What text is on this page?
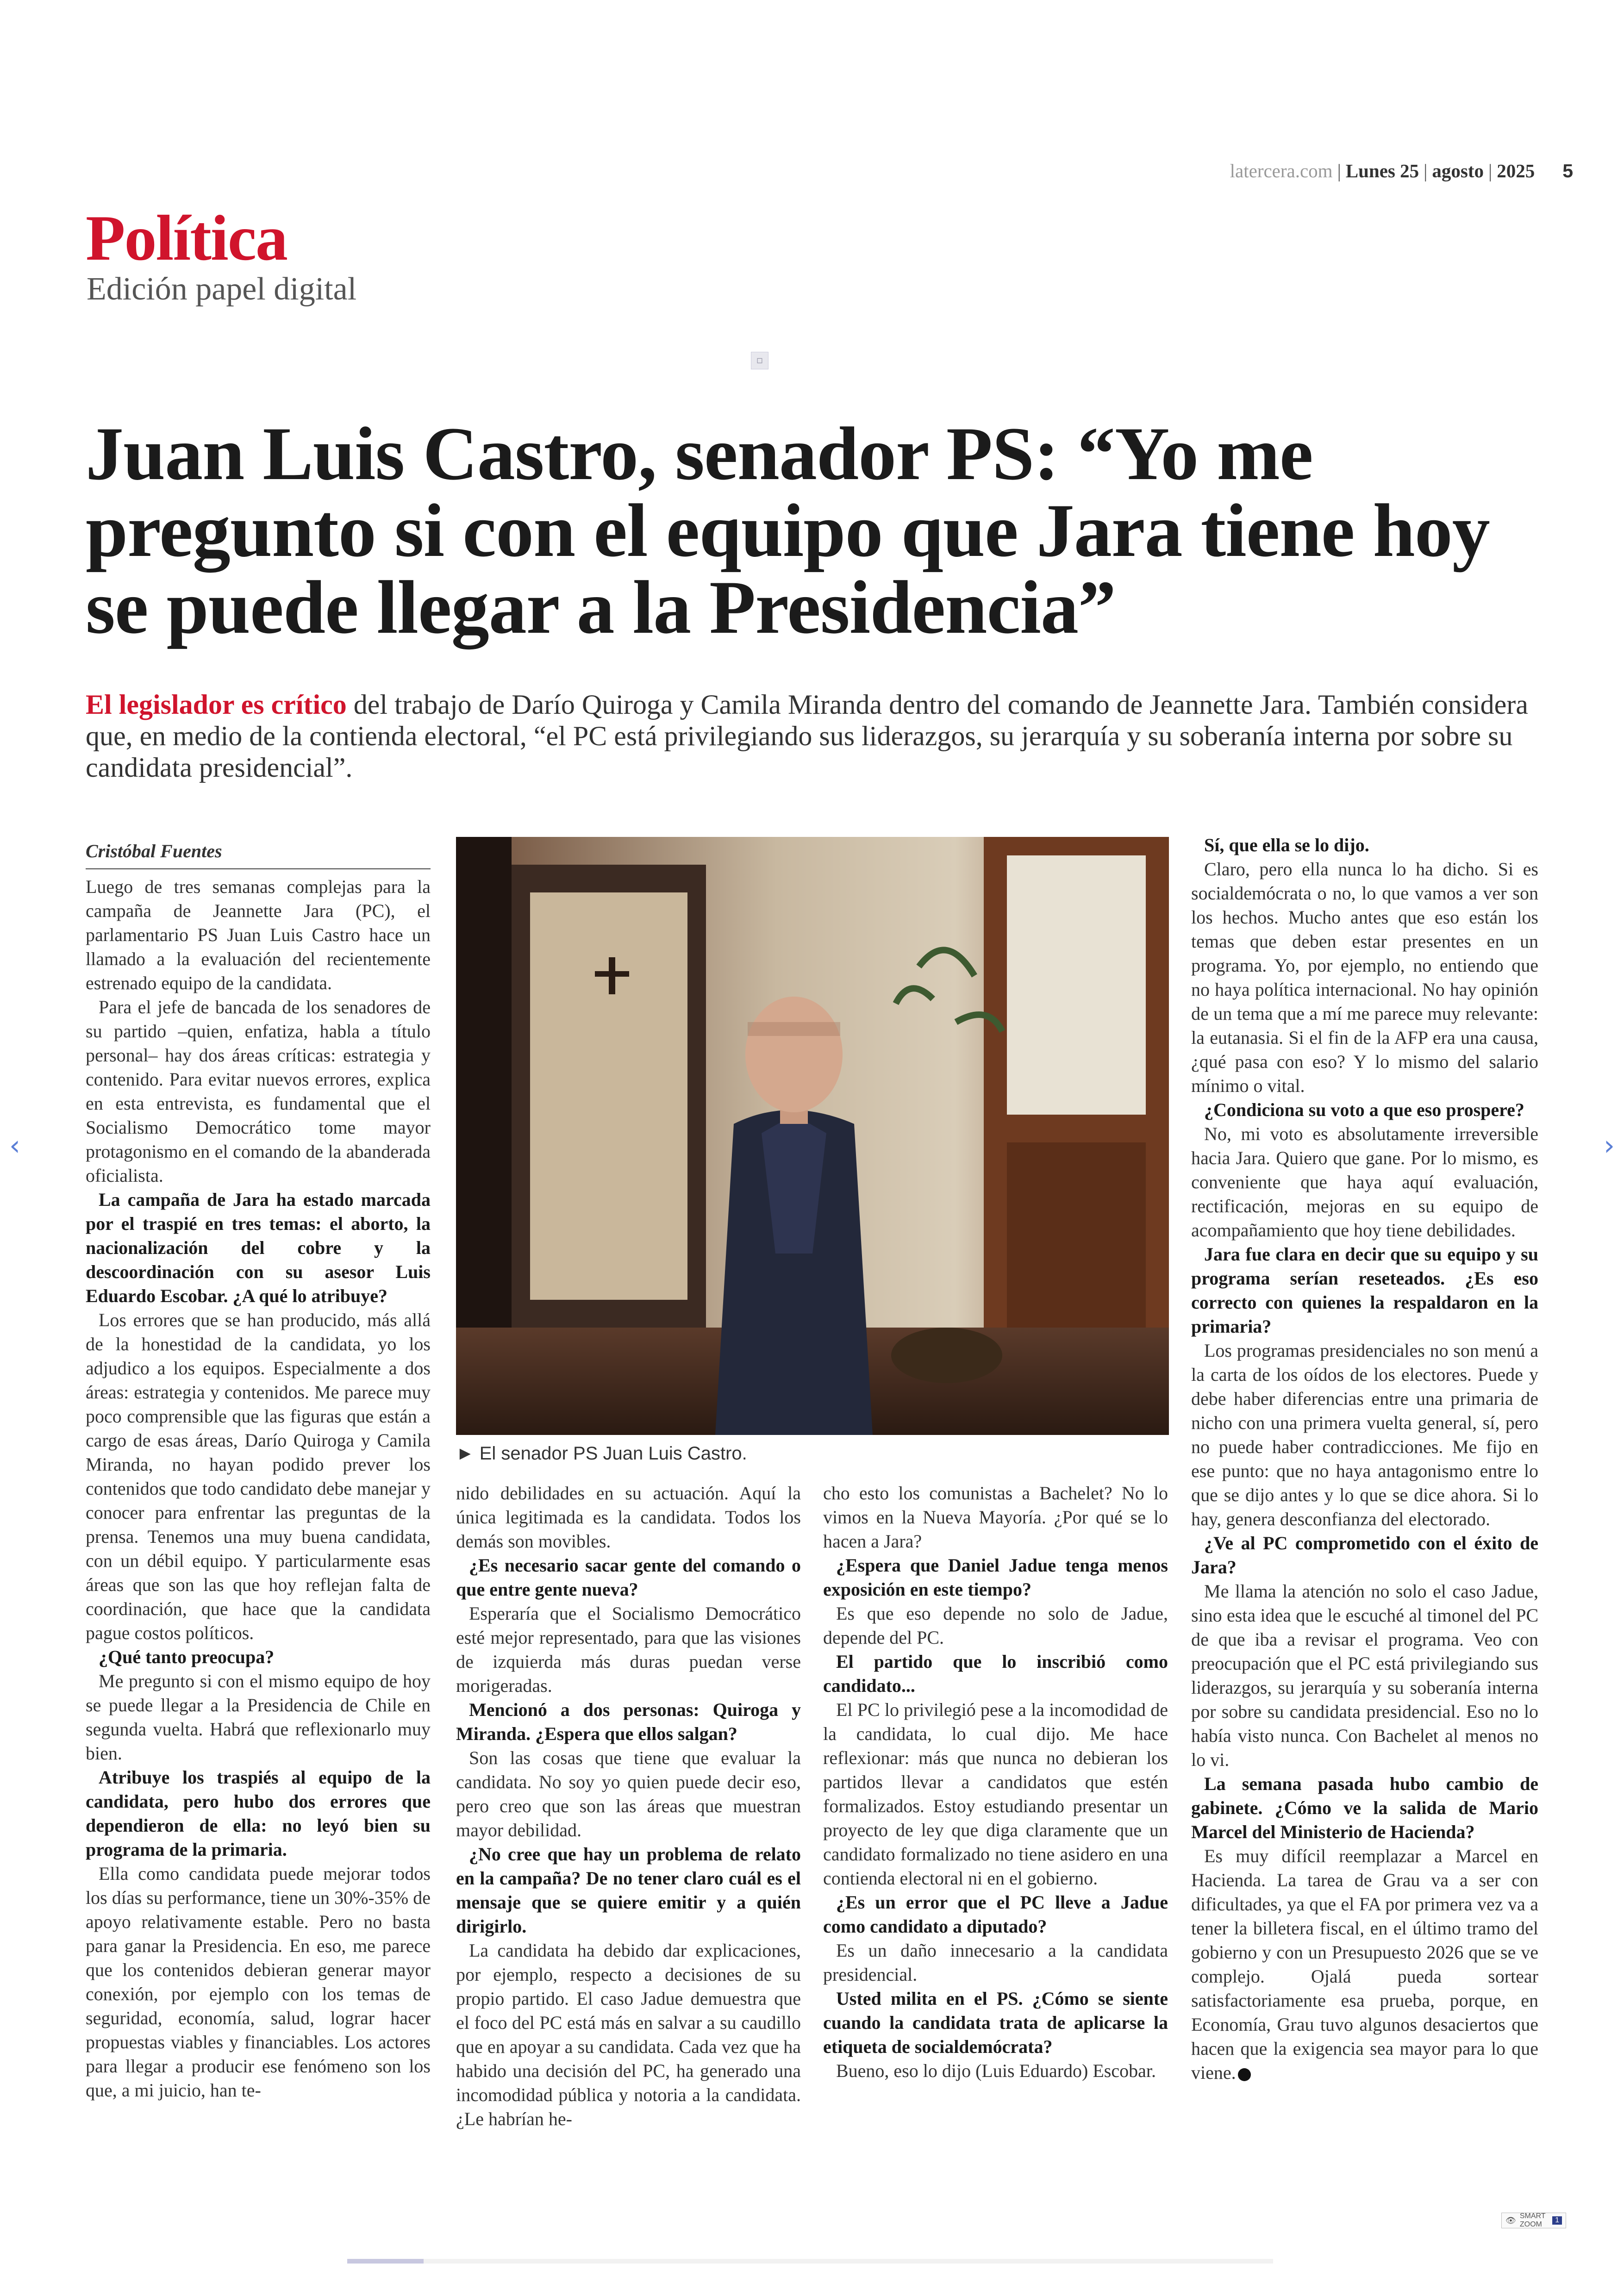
latercera.com | Lunes 25 | agosto | 2025 5
Política
Edición papel digital
▫
Juan Luis Castro, senador PS: “Yo me pregunto si con el equipo que Jara tiene hoy se puede llegar a la Presidencia”
El legislador es crítico del trabajo de Darío Quiroga y Camila Miranda dentro del comando de Jeannette Jara. También considera que, en medio de la contienda electoral, “el PC está privilegiando sus liderazgos, su jerarquía y su soberanía interna por sobre su candidata presidencial”.
Cristóbal Fuentes

Luego de tres semanas complejas para la campaña de Jeannette Jara (PC), el parlamentario PS Juan Luis Castro hace un llamado a la evaluación del recientemente estrenado equipo de la candidata.

Para el jefe de bancada de los senadores de su partido –quien, enfatiza, habla a título personal– hay dos áreas críticas: estrategia y contenido. Para evitar nuevos errores, explica en esta entrevista, es fundamental que el Socialismo Democrático tome mayor protagonismo en el comando de la abanderada oficialista.

La campaña de Jara ha estado marcada por el traspié en tres temas: el aborto, la nacionalización del cobre y la descoordinación con su asesor Luis Eduardo Escobar. ¿A qué lo atribuye?

Los errores que se han producido, más allá de la honestidad de la candidata, yo los adjudico a los equipos. Especialmente a dos áreas: estrategia y contenidos. Me parece muy poco comprensible que las figuras que están a cargo de esas áreas, Darío Quiroga y Camila Miranda, no hayan podido prever los contenidos que todo candidato debe manejar y conocer para enfrentar las preguntas de la prensa. Tenemos una muy buena candidata, con un débil equipo. Y particularmente esas áreas que son las que hoy reflejan falta de coordinación, que hace que la candidata pague costos políticos.

¿Qué tanto preocupa?

Me pregunto si con el mismo equipo de hoy se puede llegar a la Presidencia de Chile en segunda vuelta. Habrá que reflexionarlo muy bien.

Atribuye los traspiés al equipo de la candidata, pero hubo dos errores que dependieron de ella: no leyó bien su programa de la primaria.

Ella como candidata puede mejorar todos los días su performance, tiene un 30%-35% de apoyo relativamente estable. Pero no basta para ganar la Presidencia. En eso, me parece que los contenidos debieran generar mayor conexión, por ejemplo con los temas de seguridad, economía, salud, lograr hacer propuestas viables y financiables. Los actores para llegar a producir ese fenómeno son los que, a mi juicio, han te-

► El senador PS Juan Luis Castro.

nido debilidades en su actuación. Aquí la única legitimada es la candidata. Todos los demás son movibles.

¿Es necesario sacar gente del comando o que entre gente nueva?

Esperaría que el Socialismo Democrático esté mejor representado, para que las visiones de izquierda más duras puedan verse morigeradas.

Mencionó a dos personas: Quiroga y Miranda. ¿Espera que ellos salgan?

Son las cosas que tiene que evaluar la candidata. No soy yo quien puede decir eso, pero creo que son las áreas que muestran mayor debilidad.

¿No cree que hay un problema de relato en la campaña? De no tener claro cuál es el mensaje que se quiere emitir y a quién dirigirlo.

La candidata ha debido dar explicaciones, por ejemplo, respecto a decisiones de su propio partido. El caso Jadue demuestra que el foco del PC está más en salvar a su caudillo que en apoyar a su candidata. Cada vez que ha habido una decisión del PC, ha generado una incomodidad pública y notoria a la candidata. ¿Le habrían he-

cho esto los comunistas a Bachelet? No lo vimos en la Nueva Mayoría. ¿Por qué se lo hacen a Jara?

¿Espera que Daniel Jadue tenga menos exposición en este tiempo?

Es que eso depende no solo de Jadue, depende del PC.

El partido que lo inscribió como candidato...

El PC lo privilegió pese a la incomodidad de la candidata, lo cual dijo. Me hace reflexionar: más que nunca no debieran los partidos llevar a candidatos que estén formalizados. Estoy estudiando presentar un proyecto de ley que diga claramente que un candidato formalizado no tiene asidero en una contienda electoral ni en el gobierno.

¿Es un error que el PC lleve a Jadue como candidato a diputado?

Es un daño innecesario a la candidata presidencial.

Usted milita en el PS. ¿Cómo se siente cuando la candidata trata de aplicarse la etiqueta de socialdemócrata?

Bueno, eso lo dijo (Luis Eduardo) Escobar.

Sí, que ella se lo dijo.

Claro, pero ella nunca lo ha dicho. Si es socialdemócrata o no, lo que vamos a ver son los hechos. Mucho antes que eso están los temas que deben estar presentes en un programa. Yo, por ejemplo, no entiendo que no haya política internacional. No hay opinión de un tema que a mí me parece muy relevante: la eutanasia. Si el fin de la AFP era una causa, ¿qué pasa con eso? Y lo mismo del salario mínimo o vital.

¿Condiciona su voto a que eso prospere?

No, mi voto es absolutamente irreversible hacia Jara. Quiero que gane. Por lo mismo, es conveniente que haya aquí evaluación, rectificación, mejoras en su equipo de acompañamiento que hoy tiene debilidades.

Jara fue clara en decir que su equipo y su programa serían reseteados. ¿Es eso correcto con quienes la respaldaron en la primaria?

Los programas presidenciales no son menú a la carta de los oídos de los electores. Puede y debe haber diferencias entre una primaria de nicho con una primera vuelta general, sí, pero no puede haber contradicciones. Me fijo en ese punto: que no haya antagonismo entre lo que se dijo antes y lo que se dice ahora. Si lo hay, genera desconfianza del electorado.

¿Ve al PC comprometido con el éxito de Jara?

Me llama la atención no solo el caso Jadue, sino esta idea que le escuché al timonel del PC de que iba a revisar el programa. Veo con preocupación que el PC está privilegiando sus liderazgos, su jerarquía y su soberanía interna por sobre su candidata presidencial. Eso no lo había visto nunca. Con Bachelet al menos no lo vi.

La semana pasada hubo cambio de gabinete. ¿Cómo ve la salida de Mario Marcel del Ministerio de Hacienda?

Es muy difícil reemplazar a Marcel en Hacienda. La tarea de Grau va a ser con dificultades, ya que el FA por primera vez va a tener la billetera fiscal, en el último tramo del gobierno y con un Presupuesto 2026 que se ve complejo. Ojalá pueda sortear satisfactoriamente esa prueba, porque, en Economía, Grau tuvo algunos desaciertos que hacen que la exigencia sea mayor para lo que viene.

‹	›
👁 SMART ZOOM
1
